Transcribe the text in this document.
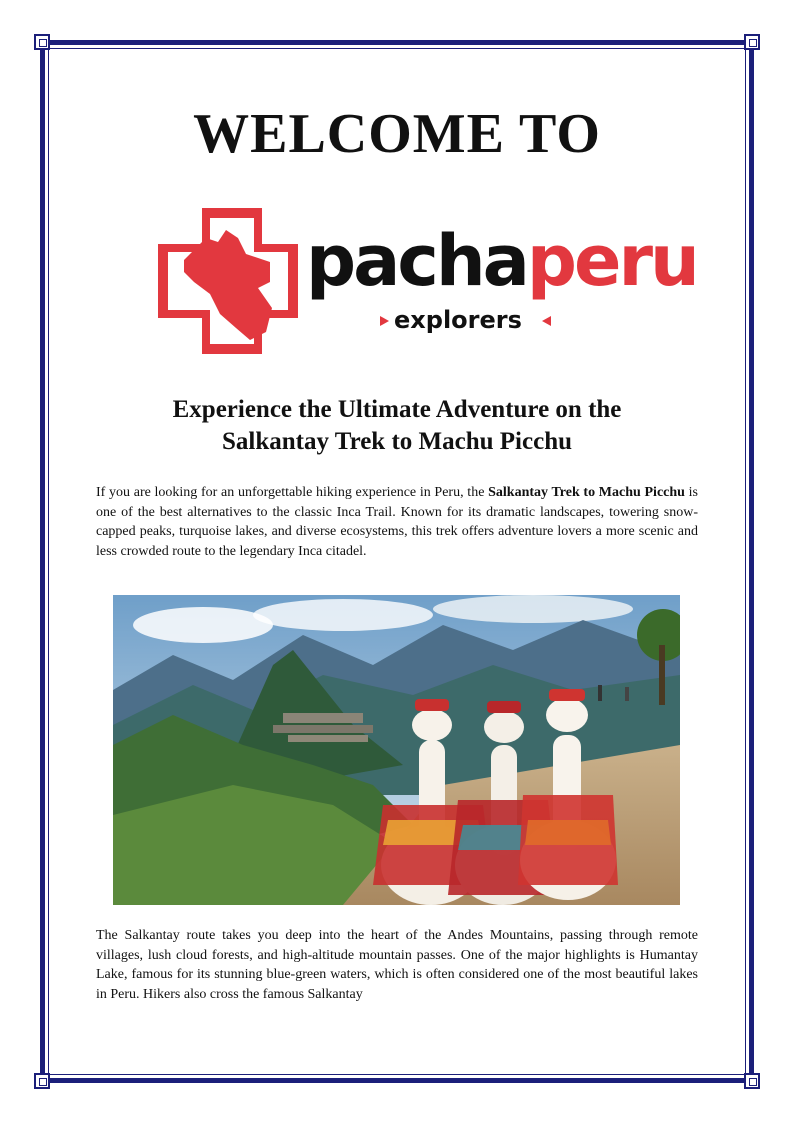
WELCOME TO
pachaperu
explorers
Experience the Ultimate Adventure on the
Salkantay Trek to Machu Picchu

If you are looking for an unforgettable hiking experience in Peru, the Salkantay Trek to Machu Picchu is one of the best alternatives to the classic Inca Trail. Known for its dramatic landscapes, towering snow-capped peaks, turquoise lakes, and diverse ecosystems, this trek offers adventure lovers a more scenic and less crowded route to the legendary Inca citadel.

The Salkantay route takes you deep into the heart of the Andes Mountains, passing through remote villages, lush cloud forests, and high-altitude mountain passes. One of the major highlights is Humantay Lake, famous for its stunning blue-green waters, which is often considered one of the most beautiful lakes in Peru. Hikers also cross the famous Salkantay
